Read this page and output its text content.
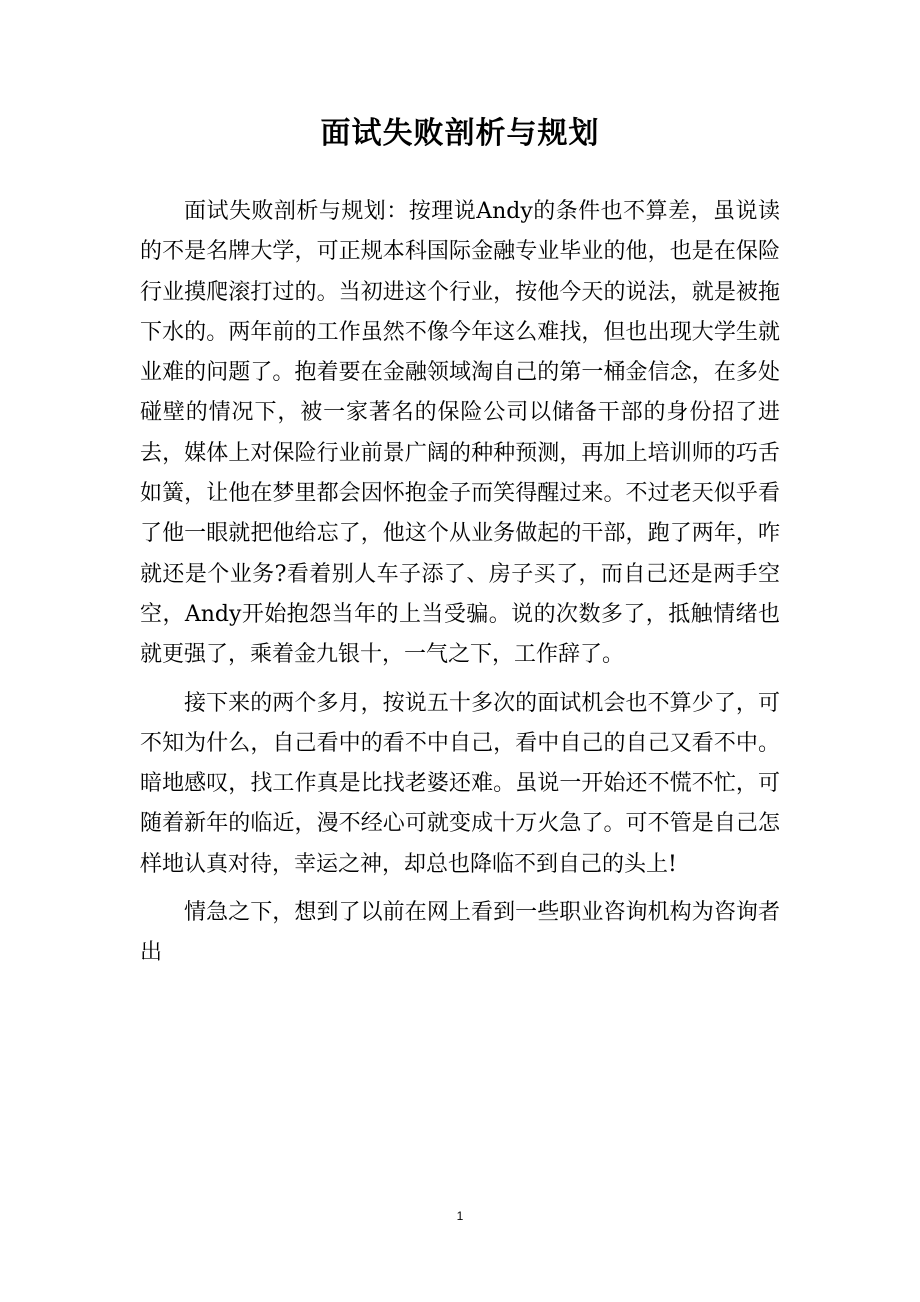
面试失败剖析与规划

面试失败剖析与规划：按理说Andy的条件也不算差，虽说读的不是名牌大学，可正规本科国际金融专业毕业的他，也是在保险行业摸爬滚打过的。当初进这个行业，按他今天的说法，就是被拖下水的。两年前的工作虽然不像今年这么难找，但也出现大学生就业难的问题了。抱着要在金融领域淘自己的第一桶金信念，在多处碰壁的情况下，被一家著名的保险公司以储备干部的身份招了进去，媒体上对保险行业前景广阔的种种预测，再加上培训师的巧舌如簧，让他在梦里都会因怀抱金子而笑得醒过来。不过老天似乎看了他一眼就把他给忘了，他这个从业务做起的干部，跑了两年，咋就还是个业务?看着别人车子添了、房子买了，而自己还是两手空空，Andy开始抱怨当年的上当受骗。说的次数多了，抵触情绪也就更强了，乘着金九银十，一气之下，工作辞了。

接下来的两个多月，按说五十多次的面试机会也不算少了，可不知为什么，自己看中的看不中自己，看中自己的自己又看不中。暗地感叹，找工作真是比找老婆还难。虽说一开始还不慌不忙，可随着新年的临近，漫不经心可就变成十万火急了。可不管是自己怎样地认真对待，幸运之神，却总也降临不到自己的头上!

情急之下，想到了以前在网上看到一些职业咨询机构为咨询者出

1
